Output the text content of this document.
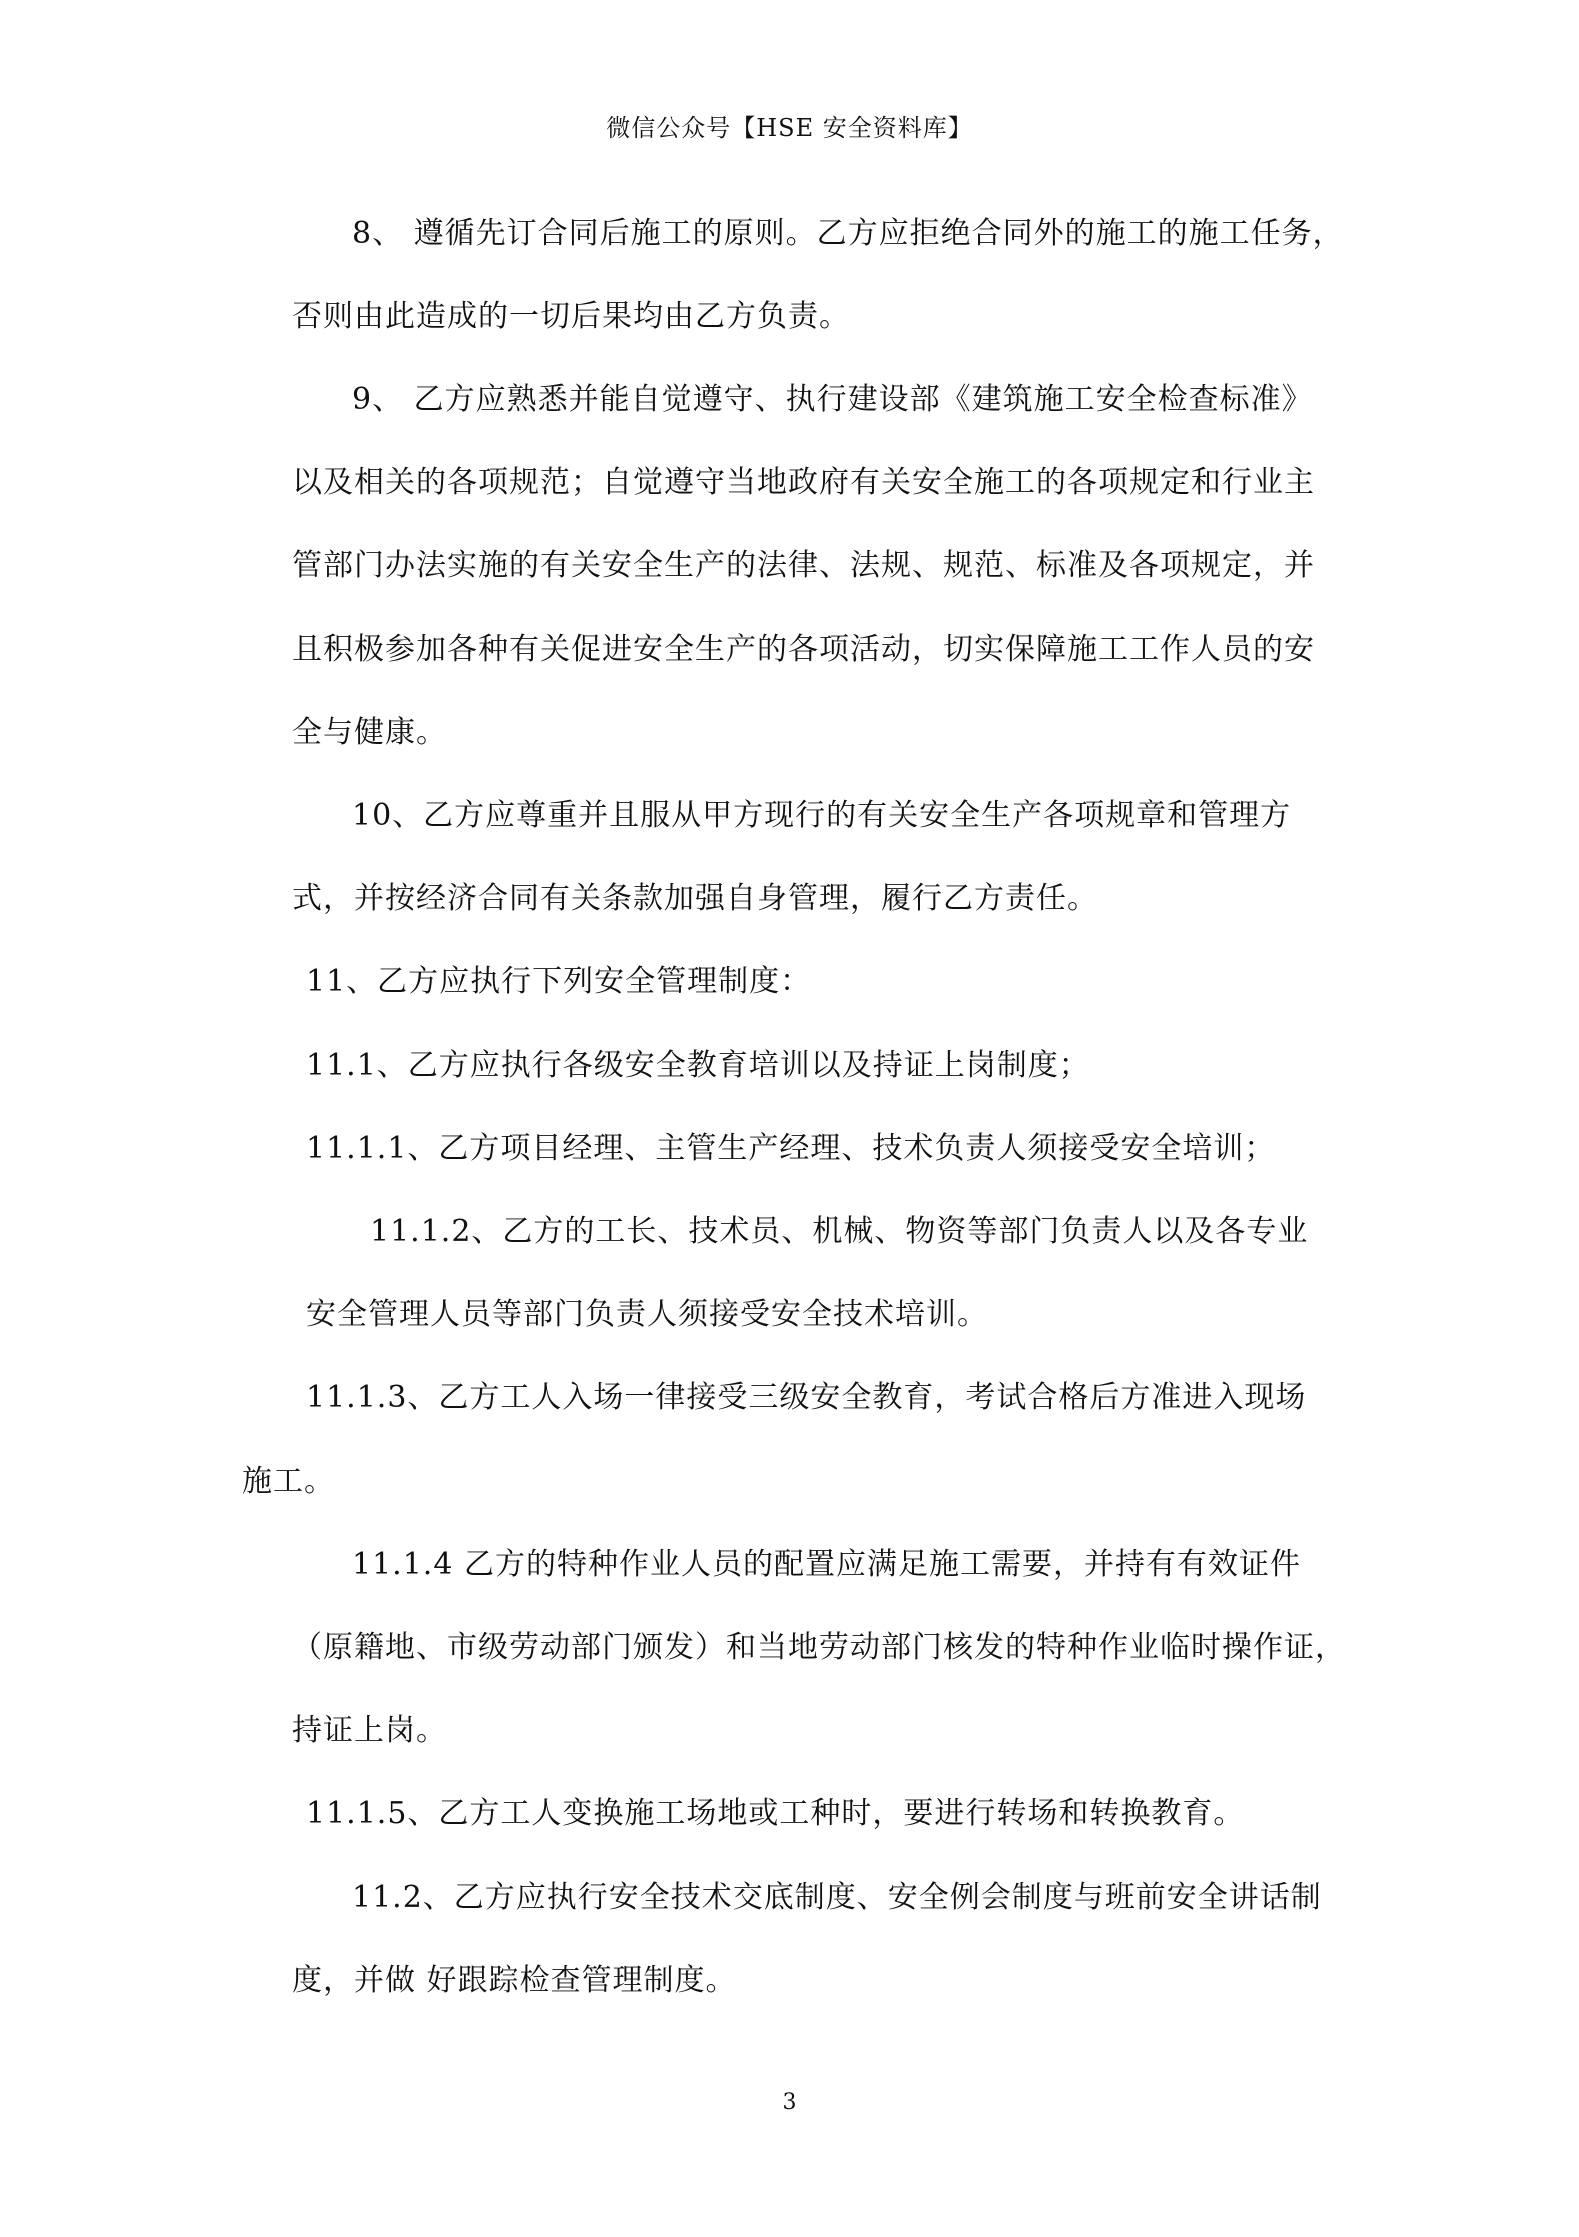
微信公众号【HSE 安全资料库】
8、 遵循先订合同后施工的原则。乙方应拒绝合同外的施工的施工任务，
否则由此造成的一切后果均由乙方负责。
9、 乙方应熟悉并能自觉遵守、执行建设部《建筑施工安全检查标准》
以及相关的各项规范；自觉遵守当地政府有关安全施工的各项规定和行业主
管部门办法实施的有关安全生产的法律、法规、规范、标准及各项规定，并
且积极参加各种有关促进安全生产的各项活动，切实保障施工工作人员的安
全与健康。
10、乙方应尊重并且服从甲方现行的有关安全生产各项规章和管理方
式，并按经济合同有关条款加强自身管理，履行乙方责任。
11、乙方应执行下列安全管理制度：
11.1、乙方应执行各级安全教育培训以及持证上岗制度；
11.1.1、乙方项目经理、主管生产经理、技术负责人须接受安全培训；
11.1.2、乙方的工长、技术员、机械、物资等部门负责人以及各专业
安全管理人员等部门负责人须接受安全技术培训。
11.1.3、乙方工人入场一律接受三级安全教育，考试合格后方准进入现场
施工。
11.1.4 乙方的特种作业人员的配置应满足施工需要，并持有有效证件
（原籍地、市级劳动部门颁发）和当地劳动部门核发的特种作业临时操作证，
持证上岗。
11.1.5、乙方工人变换施工场地或工种时，要进行转场和转换教育。
11.2、乙方应执行安全技术交底制度、安全例会制度与班前安全讲话制
度，并做 好跟踪检查管理制度。
3
